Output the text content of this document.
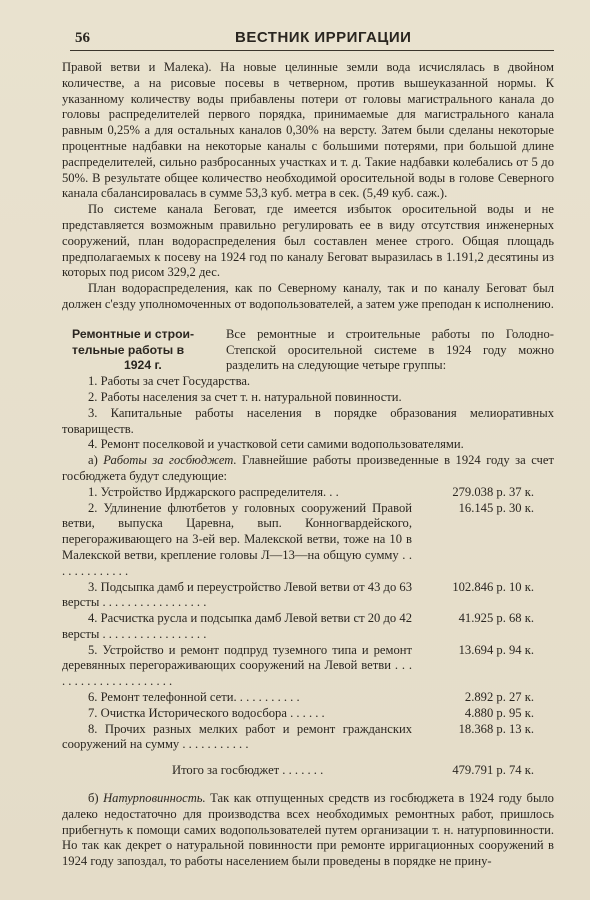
56	ВЕСТНИК ИРРИГАЦИИ

Правой ветви и Малека). На новые целинные земли вода исчислялась в двойном количестве, а на рисовые посевы в четверном, против вышеуказанной нормы. К указанному количеству воды прибавлены потери от головы магистрального канала до головы распределителей первого порядка, принимаемые для магистрального канала равным 0,25% а для остальных каналов 0,30% на версту. Затем были сделаны некоторые процентные надбавки на некоторые каналы с большими потерями, при большой длине распределителей, сильно разбросанных участках и т. д. Такие надбавки колебались от 5 до 50%. В результате общее количество необходимой оросительной воды в голове Северного канала сбалансировалась в сумме 53,3 куб. метра в сек. (5,49 куб. саж.).

По системе канала Беговат, где имеется избыток оросительной воды и не представляется возможным правильно регулировать ее в виду отсутствия инженерных сооружений, план водораспределения был составлен менее строго. Общая площадь предполагаемых к посеву на 1924 год по каналу Беговат выразилась в 1.191,2 десятины из которых под рисом 329,2 дес.

План водораспределения, как по Северному каналу, так и по каналу Беговат был должен с'езду уполномоченных от водопользователей, а затем уже преподан к исполнению.

Ремонтные и строи-
тельные работы в
1924 г.

Все ремонтные и строительные работы по Голодно-Степской оросительной системе в 1924 году можно разделить на следующие четыре группы:

1. Работы за счет Государства.

2. Работы населения за счет т. н. натуральной повинности.

3. Капитальные работы населения в порядке образования мелиоративных товариществ.

4. Ремонт поселковой и участковой сети самими водопользователями.

а) Работы за госбюджет. Главнейшие работы произведенные в 1924 году за счет госбюджета будут следующие:

1. Устройство Ирджарского распределителя. . .	279.038 р. 37 к.
2. Удлинение флютбетов у головных сооружений Правой ветви, выпуска Царевна, вып. Конногвардейского, перегораживающего на 3-ей вер. Малекской ветви, тоже на 10 в Малекской ветви, крепление головы Л—13—на общую сумму . . . . . . . . . . . . .
16.145 р. 30 к.
3. Подсыпка дамб и переустройство Левой ветви от 43 до 63 версты . . . . . . . . . . . . . . . . .
102.846 р. 10 к.
4. Расчистка русла и подсыпка дамб Левой ветви ст 20 до 42 версты . . . . . . . . . . . . . . . . .
41.925 р. 68 к.
5. Устройство и ремонт подпруд туземного типа и ремонт деревянных перегораживающих сооружений на Левой ветви . . . . . . . . . . . . . . . . . . . . .
13.694 р. 94 к.
6. Ремонт телефонной сети. . . . . . . . . . .	2.892 р. 27 к.
7. Очистка Исторического водосбора . . . . . .	4.880 р. 95 к.
8. Прочих разных мелких работ и ремонт гражданских сооружений на сумму . . . . . . . . . . .
18.368 р. 13 к.
Итого за госбюджет . . . . . . .	479.791 р. 74 к.

б) Натурповинность. Так как отпущенных средств из госбюджета в 1924 году было далеко недостаточно для производства всех необходимых ремонтных работ, пришлось прибегнуть к помощи самих водопользователей путем организации т. н. натурповинности. Но так как декрет о натуральной повинности при ремонте ирригационных сооружений в 1924 году запоздал, то работы населением были проведены в порядке не прину-
